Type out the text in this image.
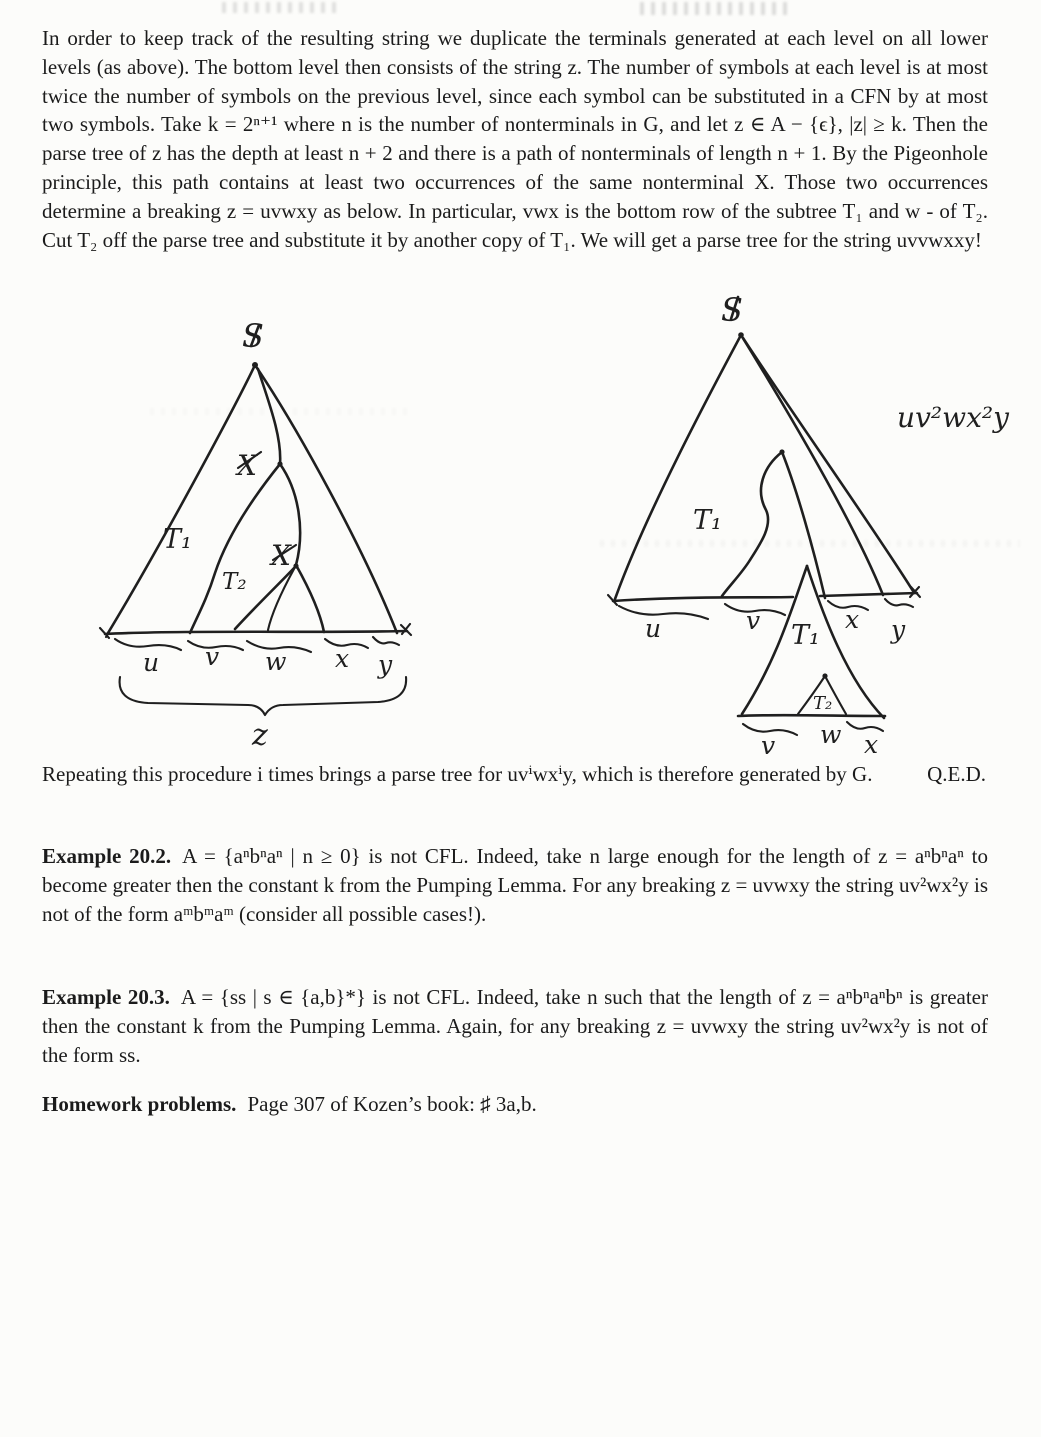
In order to keep track of the resulting string we duplicate the terminals generated at each level on all lower levels (as above). The bottom level then consists of the string z. The number of symbols at each level is at most twice the number of symbols on the previous level, since each symbol can be substituted in a CFN by at most two symbols. Take k = 2ⁿ⁺¹ where n is the number of nonterminals in G, and let z ∈ A − {ϵ}, |z| ≥ k. Then the parse tree of z has the depth at least n + 2 and there is a path of nonterminals of length n + 1. By the Pigeonhole principle, this path contains at least two occurrences of the same nonterminal X. Those two occurrences determine a breaking z = uvwxy as below. In particular, vwx is the bottom row of the subtree T₁ and w - of T₂. Cut T₂ off the parse tree and substitute it by another copy of T₁. We will get a parse tree for the string uvvwxxy!

S
X
X
T₁
T₂
u v w x y
z
S
T₁
u	v	x y
uv²wx²y
T₁
T₂
v w x

Repeating this procedure i times brings a parse tree for uvⁱwxⁱy, which is therefore generated by G.	Q.E.D.

Example 20.2. A = {aⁿbⁿaⁿ | n ≥ 0} is not CFL. Indeed, take n large enough for the length of z = aⁿbⁿaⁿ to become greater then the constant k from the Pumping Lemma. For any breaking z = uvwxy the string uv²wx²y is not of the form aᵐbᵐaᵐ (consider all possible cases!).

Example 20.3. A = {ss | s ∈ {a,b}*} is not CFL. Indeed, take n such that the length of z = aⁿbⁿaⁿbⁿ is greater then the constant k from the Pumping Lemma. Again, for any breaking z = uvwxy the string uv²wx²y is not of the form ss.

Homework problems. Page 307 of Kozen’s book: ♯ 3a,b.
